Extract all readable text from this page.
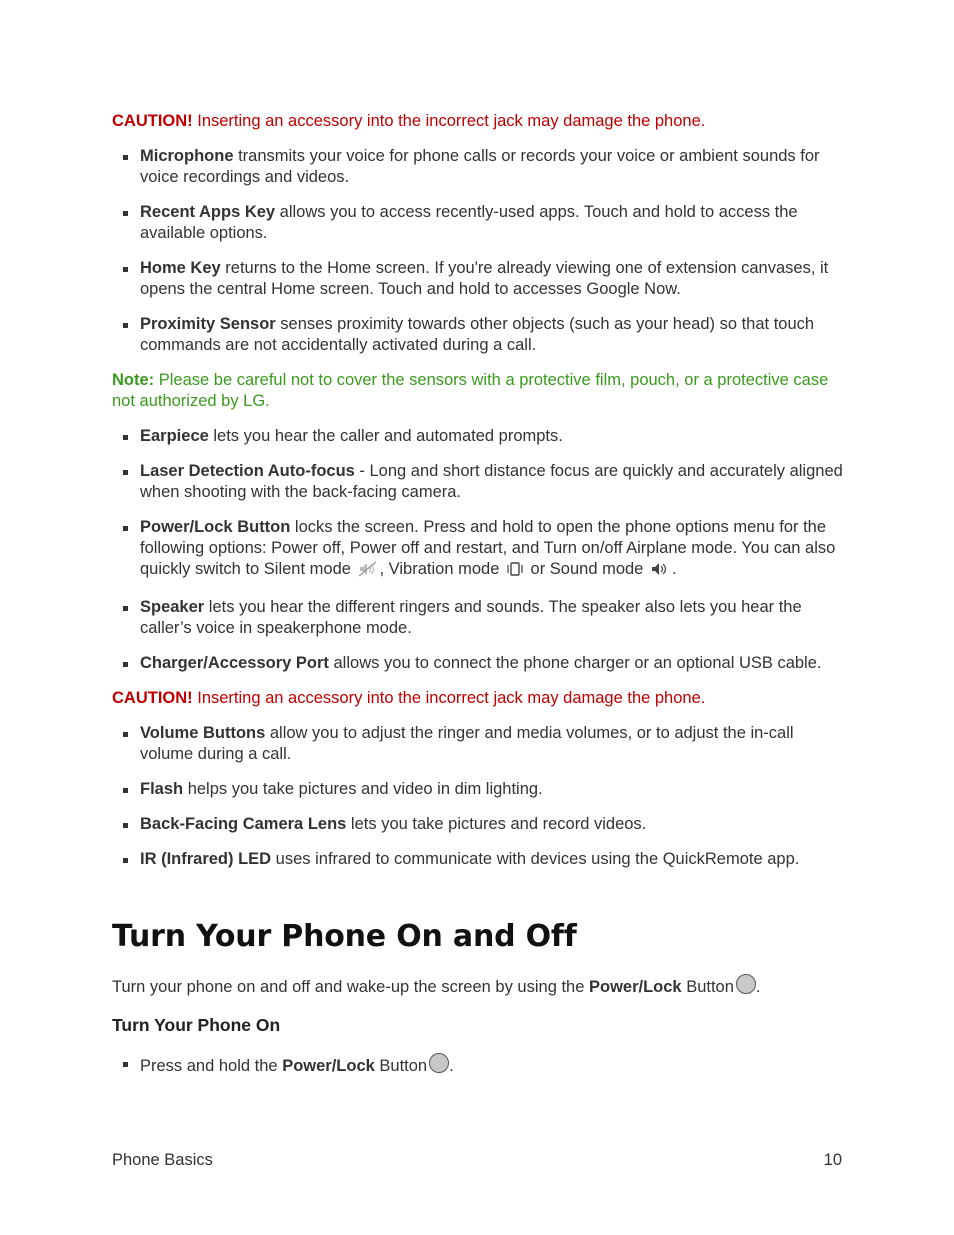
CAUTION! Inserting an accessory into the incorrect jack may damage the phone.

Microphone transmits your voice for phone calls or records your voice or ambient sounds for voice recordings and videos.
Recent Apps Key allows you to access recently-used apps. Touch and hold to access the available options.
Home Key returns to the Home screen. If you're already viewing one of extension canvases, it opens the central Home screen. Touch and hold to accesses Google Now.
Proximity Sensor senses proximity towards other objects (such as your head) so that touch commands are not accidentally activated during a call.

Note: Please be careful not to cover the sensors with a protective film, pouch, or a protective case not authorized by LG.

Earpiece lets you hear the caller and automated prompts.
Laser Detection Auto-focus - Long and short distance focus are quickly and accurately aligned when shooting with the back-facing camera.
Power/Lock Button locks the screen. Press and hold to open the phone options menu for the following options: Power off, Power off and restart, and Turn on/off Airplane mode. You can also quickly switch to Silent mode , Vibration mode  or Sound mode .
Speaker lets you hear the different ringers and sounds. The speaker also lets you hear the caller’s voice in speakerphone mode.
Charger/Accessory Port allows you to connect the phone charger or an optional USB cable.

CAUTION! Inserting an accessory into the incorrect jack may damage the phone.

Volume Buttons allow you to adjust the ringer and media volumes, or to adjust the in-call volume during a call.
Flash helps you take pictures and video in dim lighting.
Back-Facing Camera Lens lets you take pictures and record videos.
IR (Infrared) LED uses infrared to communicate with devices using the QuickRemote app.
Turn Your Phone On and Off

Turn your phone on and off and wake-up the screen by using the Power/Lock Button .

Turn Your Phone On
Press and hold the Power/Lock Button .
Phone Basics	10
